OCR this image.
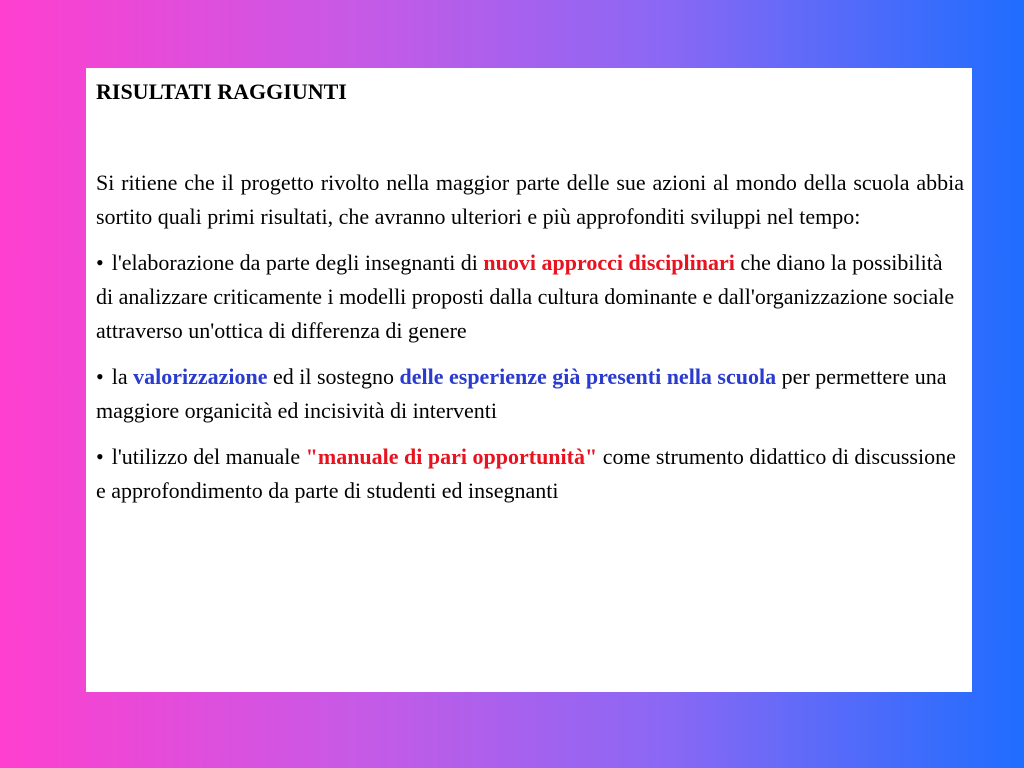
RISULTATI RAGGIUNTI

Si ritiene che il progetto rivolto nella maggior parte delle sue azioni al mondo della scuola abbia sortito quali primi risultati, che avranno ulteriori e più approfonditi sviluppi nel tempo:

• l'elaborazione da parte degli insegnanti di nuovi approcci disciplinari che diano la possibilità di analizzare criticamente i modelli proposti dalla cultura dominante e dall'organizzazione sociale attraverso un'ottica di differenza di genere

• la valorizzazione ed il sostegno delle esperienze già presenti nella scuola per permettere una maggiore organicità ed incisività di interventi

• l'utilizzo del manuale "manuale di pari opportunità" come strumento didattico di discussione e approfondimento da parte di studenti ed insegnanti
